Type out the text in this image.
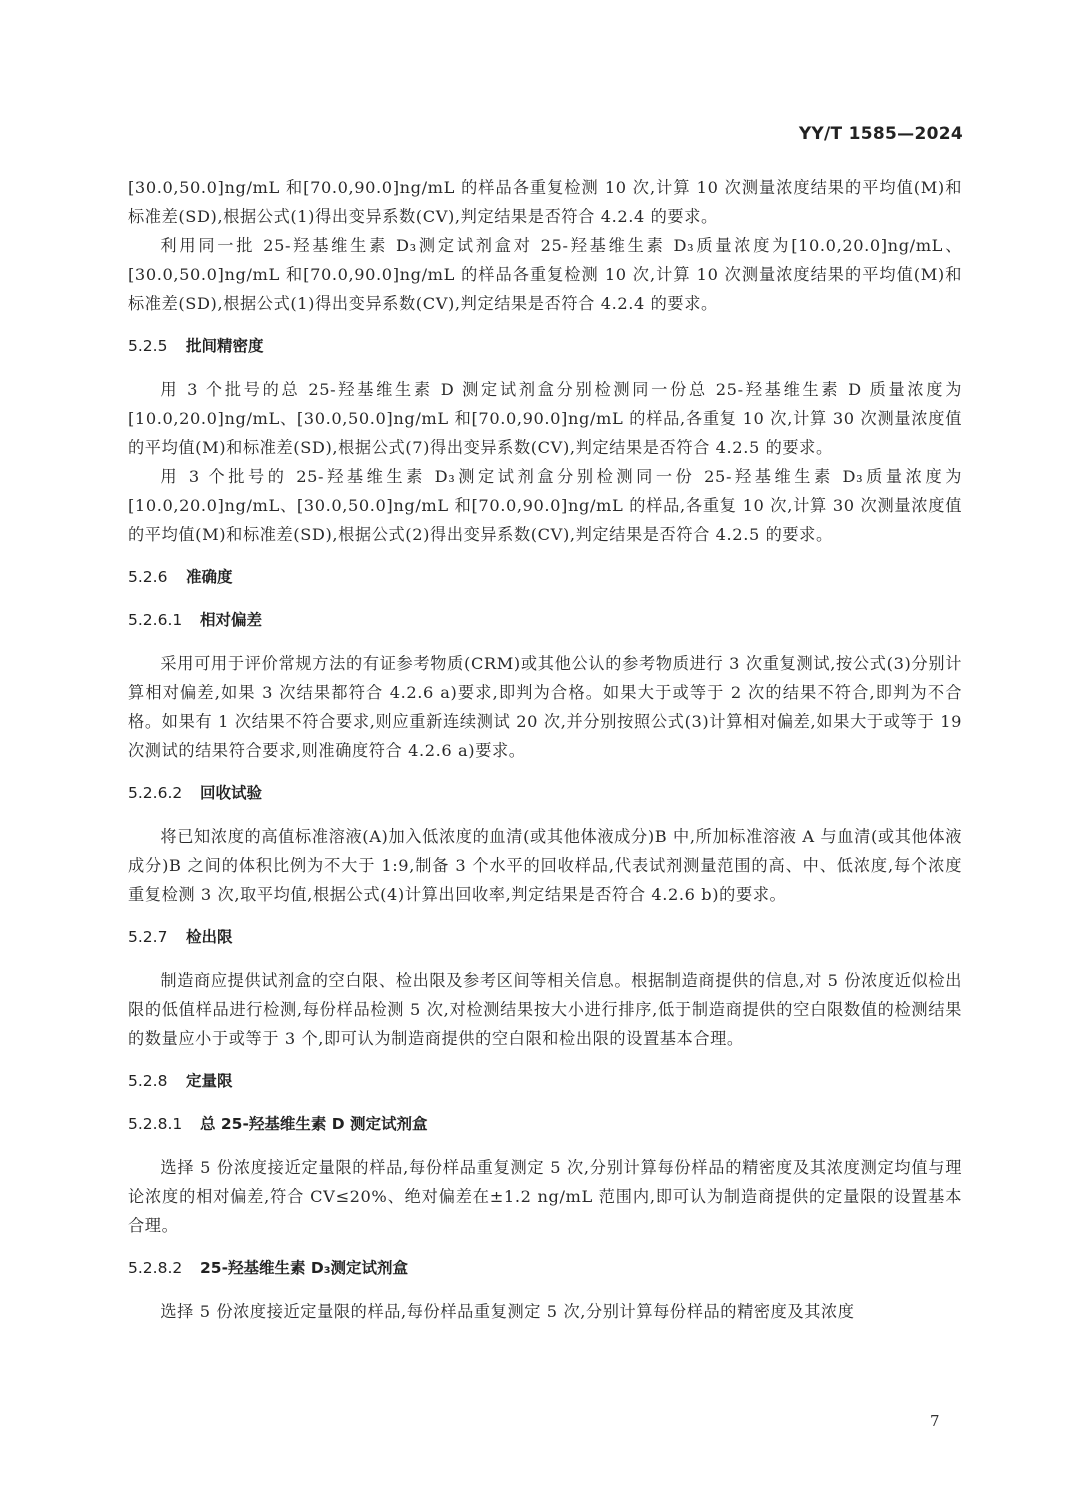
YY/T 1585—2024

[30.0,50.0]ng/mL 和[70.0,90.0]ng/mL 的样品各重复检测 10 次,计算 10 次测量浓度结果的平均值(M)和标准差(SD),根据公式(1)得出变异系数(CV),判定结果是否符合 4.2.4 的要求。

利用同一批 25-羟基维生素 D₃测定试剂盒对 25-羟基维生素 D₃质量浓度为[10.0,20.0]ng/mL、[30.0,50.0]ng/mL 和[70.0,90.0]ng/mL 的样品各重复检测 10 次,计算 10 次测量浓度结果的平均值(M)和标准差(SD),根据公式(1)得出变异系数(CV),判定结果是否符合 4.2.4 的要求。

5.2.5 批间精密度

用 3 个批号的总 25-羟基维生素 D 测定试剂盒分别检测同一份总 25-羟基维生素 D 质量浓度为[10.0,20.0]ng/mL、[30.0,50.0]ng/mL 和[70.0,90.0]ng/mL 的样品,各重复 10 次,计算 30 次测量浓度值的平均值(M)和标准差(SD),根据公式(7)得出变异系数(CV),判定结果是否符合 4.2.5 的要求。

用 3 个批号的 25-羟基维生素 D₃测定试剂盒分别检测同一份 25-羟基维生素 D₃质量浓度为[10.0,20.0]ng/mL、[30.0,50.0]ng/mL 和[70.0,90.0]ng/mL 的样品,各重复 10 次,计算 30 次测量浓度值的平均值(M)和标准差(SD),根据公式(2)得出变异系数(CV),判定结果是否符合 4.2.5 的要求。

5.2.6 准确度
5.2.6.1 相对偏差

采用可用于评价常规方法的有证参考物质(CRM)或其他公认的参考物质进行 3 次重复测试,按公式(3)分别计算相对偏差,如果 3 次结果都符合 4.2.6 a)要求,即判为合格。如果大于或等于 2 次的结果不符合,即判为不合格。如果有 1 次结果不符合要求,则应重新连续测试 20 次,并分别按照公式(3)计算相对偏差,如果大于或等于 19 次测试的结果符合要求,则准确度符合 4.2.6 a)要求。

5.2.6.2 回收试验

将已知浓度的高值标准溶液(A)加入低浓度的血清(或其他体液成分)B 中,所加标准溶液 A 与血清(或其他体液成分)B 之间的体积比例为不大于 1:9,制备 3 个水平的回收样品,代表试剂测量范围的高、中、低浓度,每个浓度重复检测 3 次,取平均值,根据公式(4)计算出回收率,判定结果是否符合 4.2.6 b)的要求。

5.2.7 检出限

制造商应提供试剂盒的空白限、检出限及参考区间等相关信息。根据制造商提供的信息,对 5 份浓度近似检出限的低值样品进行检测,每份样品检测 5 次,对检测结果按大小进行排序,低于制造商提供的空白限数值的检测结果的数量应小于或等于 3 个,即可认为制造商提供的空白限和检出限的设置基本合理。

5.2.8 定量限
5.2.8.1 总 25-羟基维生素 D 测定试剂盒

选择 5 份浓度接近定量限的样品,每份样品重复测定 5 次,分别计算每份样品的精密度及其浓度测定均值与理论浓度的相对偏差,符合 CV≤20%、绝对偏差在±1.2 ng/mL 范围内,即可认为制造商提供的定量限的设置基本合理。

5.2.8.2 25-羟基维生素 D₃测定试剂盒

选择 5 份浓度接近定量限的样品,每份样品重复测定 5 次,分别计算每份样品的精密度及其浓度

7
